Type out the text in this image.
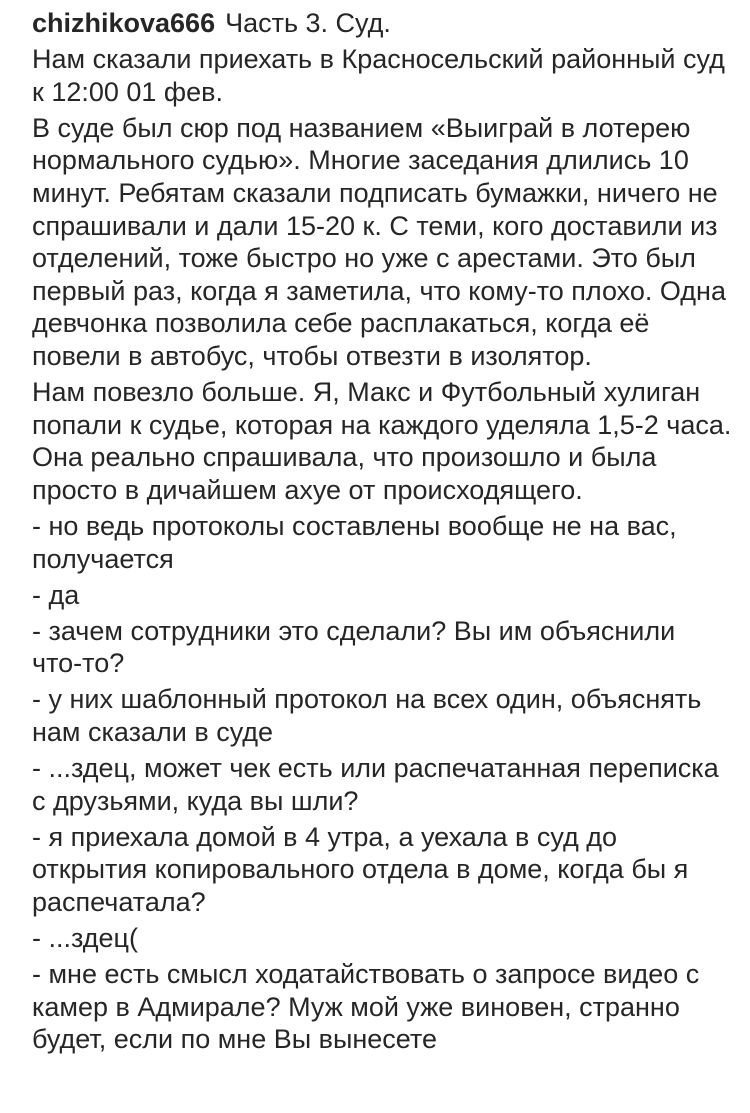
chizhikova666 Часть 3. Суд.

Нам сказали приехать в Красносельский районный суд к 12:00 01 фев.

В суде был сюр под названием «Выиграй в лотерею нормального судью». Многие заседания длились 10 минут. Ребятам сказали подписать бумажки, ничего не спрашивали и дали 15-20 к. С теми, кого доставили из отделений, тоже быстро но уже с арестами. Это был первый раз, когда я заметила, что кому-то плохо. Одна девчонка позволила себе расплакаться, когда её повели в автобус, чтобы отвезти в изолятор.

Нам повезло больше. Я, Макс и Футбольный хулиган попали к судье, которая на каждого уделяла 1,5-2 часа. Она реально спрашивала, что произошло и была просто в дичайшем ахуе от происходящего.

- но ведь протоколы составлены вообще не на вас, получается

- да

- зачем сотрудники это сделали? Вы им объяснили что-то?

- у них шаблонный протокол на всех один, объяснять нам сказали в суде

- ...здец, может чек есть или распечатанная переписка с друзьями, куда вы шли?

- я приехала домой в 4 утра, а уехала в суд до открытия копировального отдела в доме, когда бы я распечатала?

- ...здец(

- мне есть смысл ходатайствовать о запросе видео с камер в Адмирале? Муж мой уже виновен, странно будет, если по мне Вы вынесете
